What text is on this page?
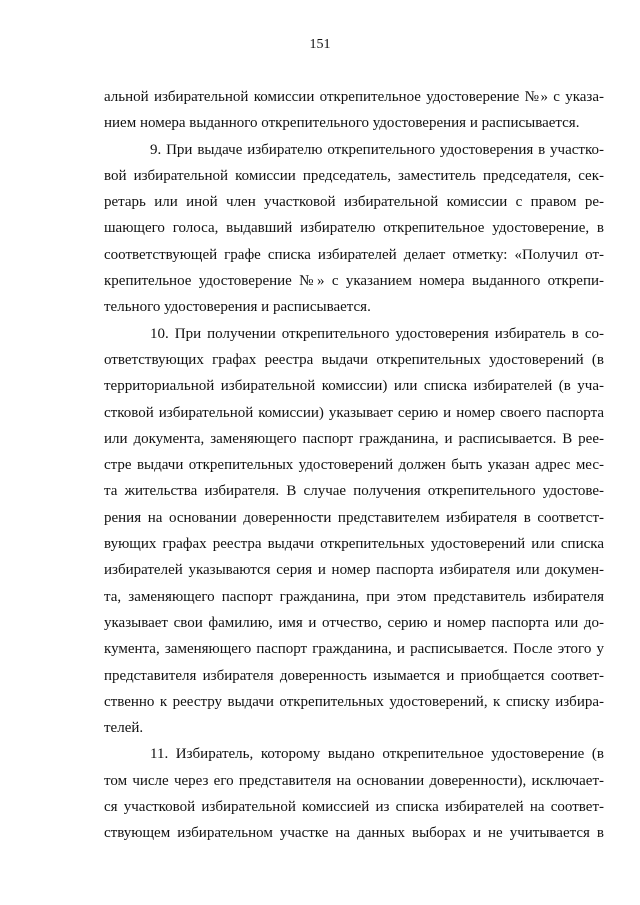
151
альной избирательной комиссии открепительное удостоверение №» с указа-
нием номера выданного открепительного удостоверения и расписывается.
9. При выдаче избирателю открепительного удостоверения в участко-
вой избирательной комиссии председатель, заместитель председателя, сек-
ретарь или иной член участковой избирательной комиссии с правом ре-
шающего голоса, выдавший избирателю открепительное удостоверение, в
соответствующей графе списка избирателей делает отметку: «Получил от-
крепительное удостоверение №» с указанием номера выданного открепи-
тельного удостоверения и расписывается.
10. При получении открепительного удостоверения избиратель в со-
ответствующих графах реестра выдачи открепительных удостоверений (в
территориальной избирательной комиссии) или списка избирателей (в уча-
стковой избирательной комиссии) указывает серию и номер своего паспорта
или документа, заменяющего паспорт гражданина, и расписывается. В рее-
стре выдачи открепительных удостоверений должен быть указан адрес мес-
та жительства избирателя. В случае получения открепительного удостове-
рения на основании доверенности представителем избирателя в соответст-
вующих графах реестра выдачи открепительных удостоверений или списка
избирателей указываются серия и номер паспорта избирателя или докумен-
та, заменяющего паспорт гражданина, при этом представитель избирателя
указывает свои фамилию, имя и отчество, серию и номер паспорта или до-
кумента, заменяющего паспорт гражданина, и расписывается. После этого у
представителя избирателя доверенность изымается и приобщается соответ-
ственно к реестру выдачи открепительных удостоверений, к списку избира-
телей.
11. Избиратель, которому выдано открепительное удостоверение (в
том числе через его представителя на основании доверенности), исключает-
ся участковой избирательной комиссией из списка избирателей на соответ-
ствующем избирательном участке на данных выборах и не учитывается в
